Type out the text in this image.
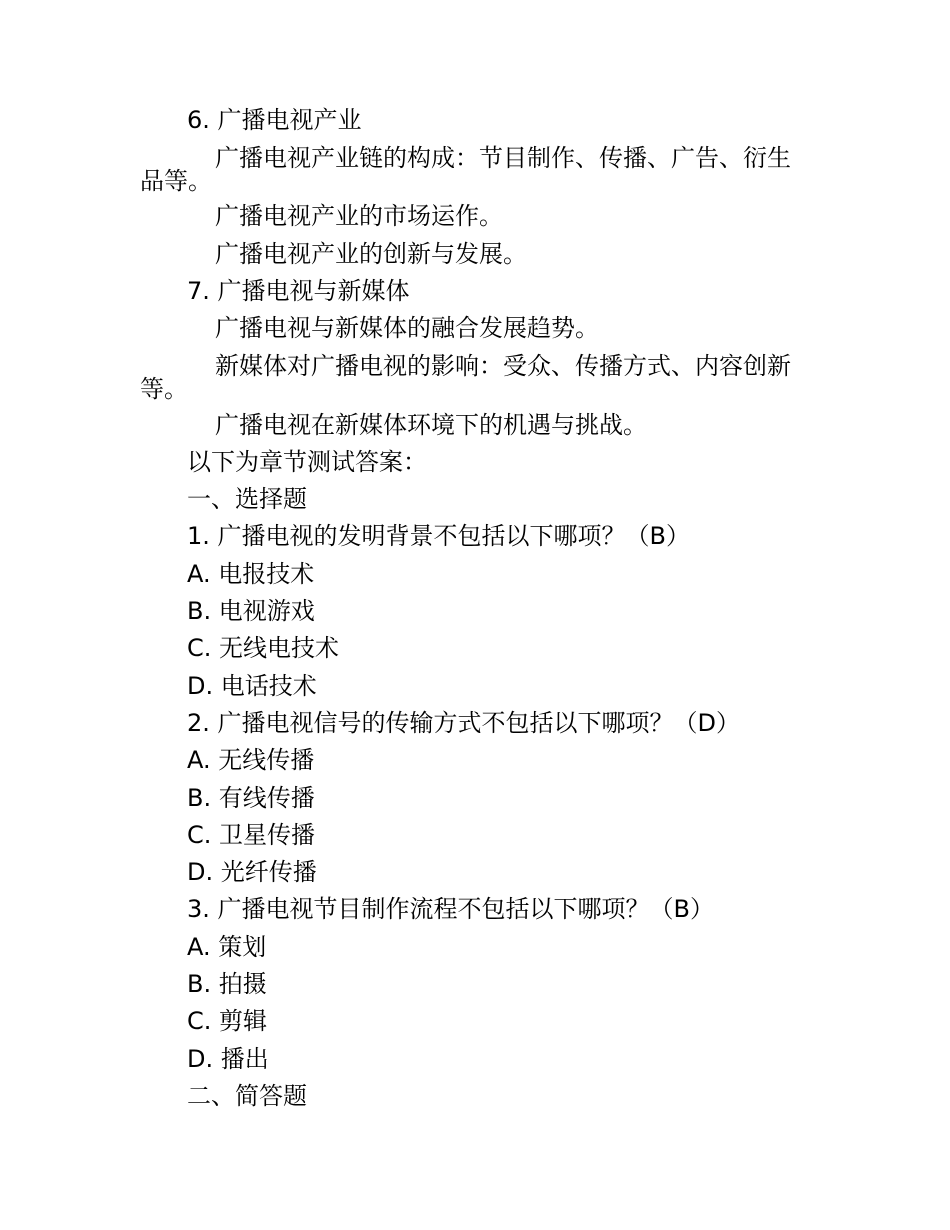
6. 广播电视产业
广播电视产业链的构成：节目制作、传播、广告、衍生品等。
广播电视产业的市场运作。
广播电视产业的创新与发展。
7. 广播电视与新媒体
广播电视与新媒体的融合发展趋势。
新媒体对广播电视的影响：受众、传播方式、内容创新等。
广播电视在新媒体环境下的机遇与挑战。
以下为章节测试答案：
一、选择题
1. 广播电视的发明背景不包括以下哪项？（B）
A. 电报技术
B. 电视游戏
C. 无线电技术
D. 电话技术
2. 广播电视信号的传输方式不包括以下哪项？（D）
A. 无线传播
B. 有线传播
C. 卫星传播
D. 光纤传播
3. 广播电视节目制作流程不包括以下哪项？（B）
A. 策划
B. 拍摄
C. 剪辑
D. 播出
二、简答题
